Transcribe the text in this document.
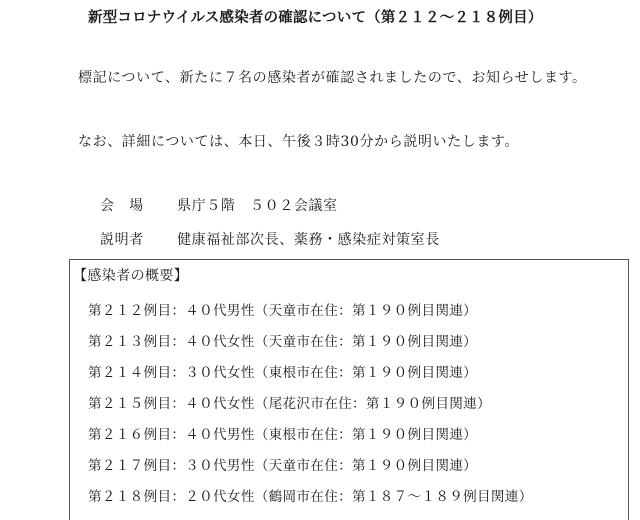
新型コロナウイルス感染者の確認について（第２１２～２１８例目）
標記について、新たに７名の感染者が確認されましたので、お知らせします。
なお、詳細については、本日、午後３時30分から説明いたします。
会　場 県庁５階　５０２会議室
説明者 健康福祉部次長、薬務・感染症対策室長
【感染者の概要】
第２１２例目：４０代男性（天童市在住：第１９０例目関連）
第２１３例目：４０代女性（天童市在住：第１９０例目関連）
第２１４例目：３０代女性（東根市在住：第１９０例目関連）
第２１５例目：４０代女性（尾花沢市在住：第１９０例目関連）
第２１６例目：４０代男性（東根市在住：第１９０例目関連）
第２１７例目：３０代男性（天童市在住：第１９０例目関連）
第２１８例目：２０代女性（鶴岡市在住：第１８７～１８９例目関連）
